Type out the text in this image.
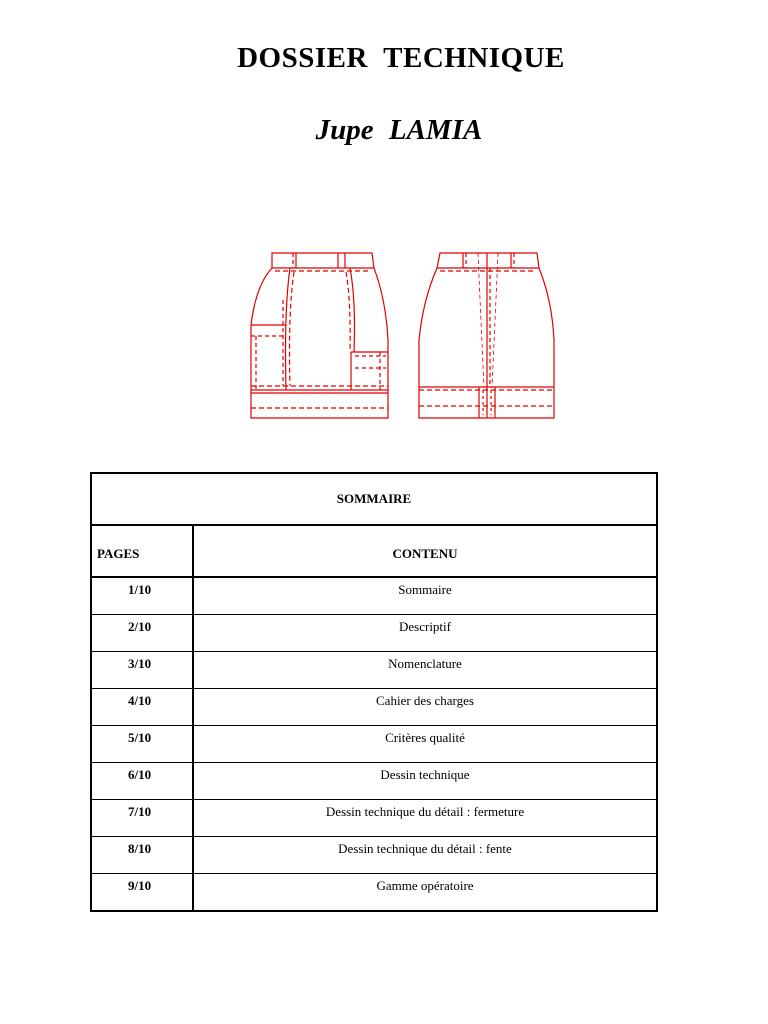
DOSSIER TECHNIQUE
Jupe LAMIA
SOMMAIRE	

PAGES	CONTENU

1/10	Sommaire

2/10	Descriptif

3/10	Nomenclature

4/10	Cahier des charges

5/10	Critères qualité

6/10	Dessin technique

7/10	Dessin technique du détail : fermeture

8/10	Dessin technique du détail : fente

9/10	Gamme opératoire
